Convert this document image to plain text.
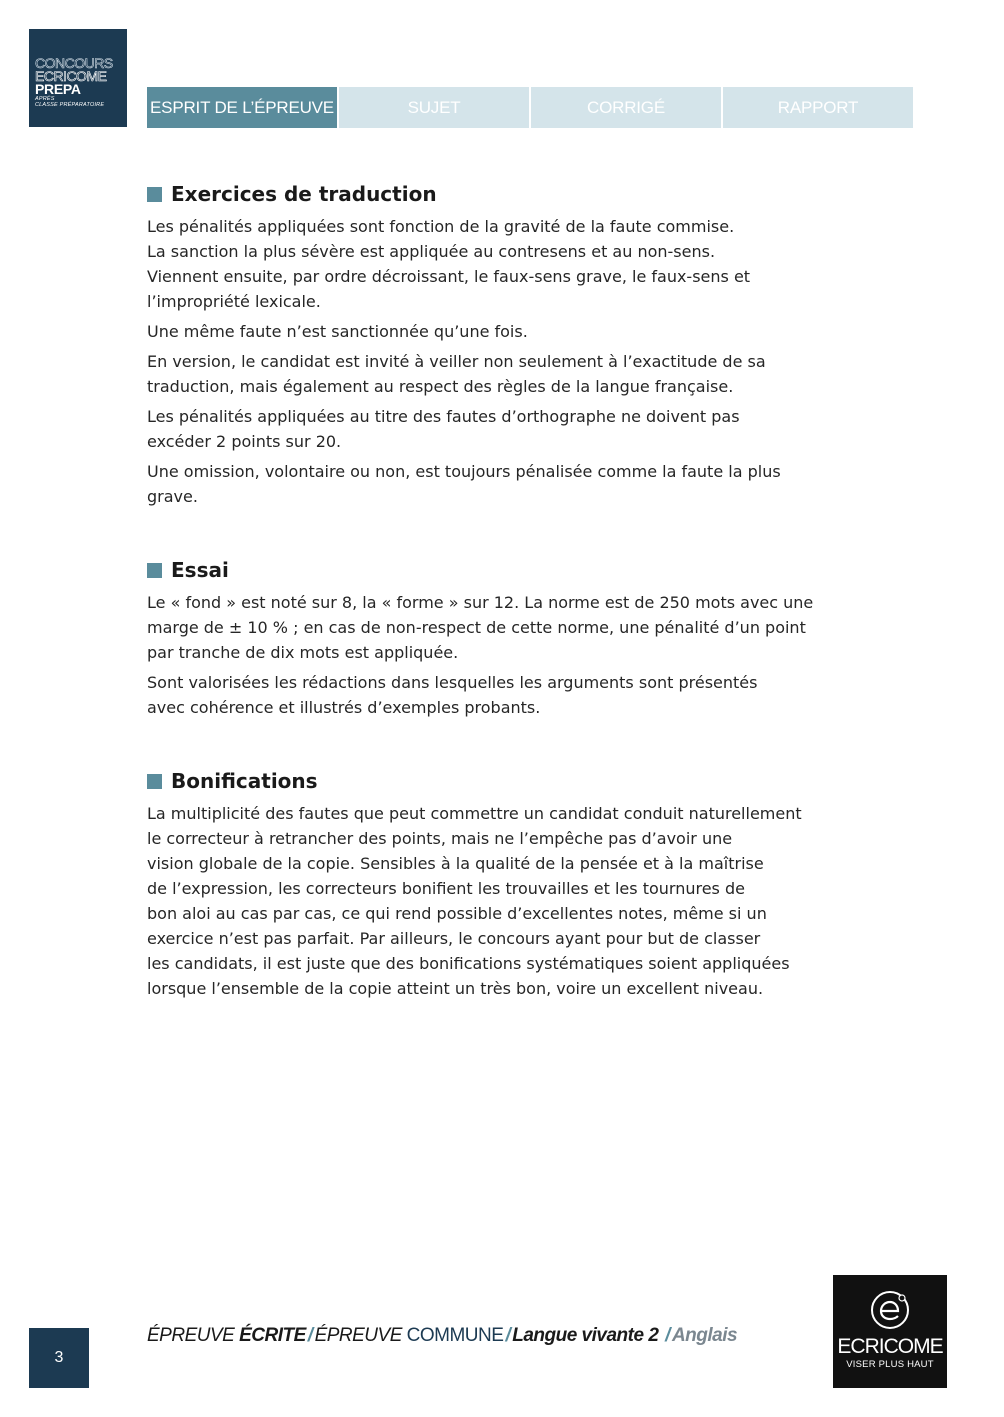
CONCOURS
ECRICOME
PREPA
APRÈS
CLASSE PRÉPARATOIRE	ESPRIT DE L’ÉPREUVE	SUJET	CORRIGÉ	RAPPORT
Exercices de traduction

Les pénalités appliquées sont fonction de la gravité de la faute commise.
La sanction la plus sévère est appliquée au contresens et au non-sens.
Viennent ensuite, par ordre décroissant, le faux-sens grave, le faux-sens et
l’impropriété lexicale.

Une même faute n’est sanctionnée qu’une fois.

En version, le candidat est invité à veiller non seulement à l’exactitude de sa
traduction, mais également au respect des règles de la langue française.

Les pénalités appliquées au titre des fautes d’orthographe ne doivent pas
excéder 2 points sur 20.

Une omission, volontaire ou non, est toujours pénalisée comme la faute la plus
grave.

Essai

Le « fond » est noté sur 8, la « forme » sur 12. La norme est de 250 mots avec une
marge de ± 10 % ; en cas de non-respect de cette norme, une pénalité d’un point
par tranche de dix mots est appliquée.

Sont valorisées les rédactions dans lesquelles les arguments sont présentés
avec cohérence et illustrés d’exemples probants.

Bonifications

La multiplicité des fautes que peut commettre un candidat conduit naturellement
le correcteur à retrancher des points, mais ne l’empêche pas d’avoir une
vision globale de la copie. Sensibles à la qualité de la pensée et à la maîtrise
de l’expression, les correcteurs bonifient les trouvailles et les tournures de
bon aloi au cas par cas, ce qui rend possible d’excellentes notes, même si un
exercice n’est pas parfait. Par ailleurs, le concours ayant pour but de classer
les candidats, il est juste que des bonifications systématiques soient appliquées
lorsque l’ensemble de la copie atteint un très bon, voire un excellent niveau.

3
ÉPREUVE ÉCRITE / ÉPREUVE COMMUNE / Langue vivante 2 / Anglais	ECRICOME
VISER PLUS HAUT
